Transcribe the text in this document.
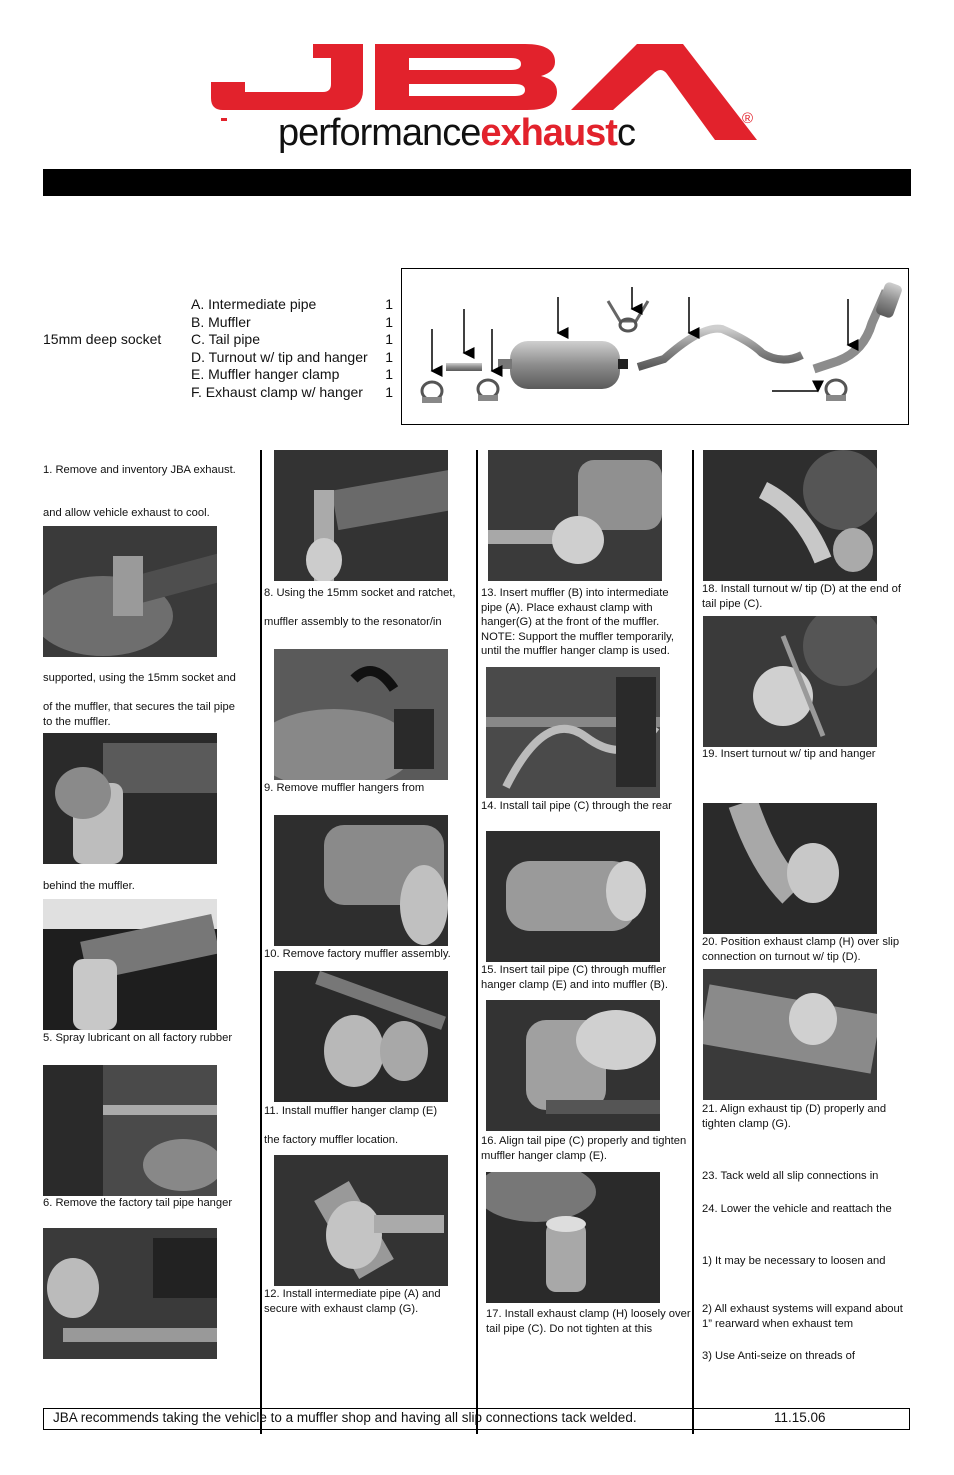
performanceexhaustc	®
15mm deep socket
A. Intermediate pipe	1
B. Muffler	1
C. Tail pipe	1
D. Turnout w/ tip and hanger	1
E. Muffler hanger clamp	1
F. Exhaust clamp w/ hanger	1
1. Remove and inventory JBA exhaust.
and allow vehicle exhaust to cool.
supported, using the 15mm socket and
of the muffler, that secures the tail pipe to the muffler.
behind the muffler.
5. Spray lubricant on all factory rubber
6. Remove the factory tail pipe hanger
8. Using the 15mm socket and ratchet,
muffler assembly to the resonator/in
9. Remove muffler hangers from
10. Remove factory muffler assembly.
11. Install muffler hanger clamp (E)
the factory muffler location.
12. Install intermediate pipe (A) and secure with exhaust clamp (G).
13. Insert muffler (B) into intermediate pipe (A). Place exhaust clamp with hanger(G) at the front of the muffler. NOTE: Support the muffler temporarily, until the muffler hanger clamp is used.
14. Install tail pipe (C) through the rear
15. Insert tail pipe (C) through muffler hanger clamp (E) and into muffler (B).
16. Align tail pipe (C) properly and tighten muffler hanger clamp (E).
17. Install exhaust clamp (H) loosely over tail pipe (C). Do not tighten at this
18. Install turnout w/ tip (D) at the end of tail pipe (C).
19. Insert turnout w/ tip and hanger
20. Position exhaust clamp (H) over slip connection on turnout w/ tip (D).
21. Align exhaust tip (D) properly and tighten clamp (G).
23. Tack weld all slip connections in
24. Lower the vehicle and reattach the
1) It may be necessary to loosen and
2) All exhaust systems will expand about 1” rearward when exhaust tem
3) Use Anti-seize on threads of
JBA recommends taking the vehicle to a muffler shop and having all slip connections tack welded.	11.15.06
